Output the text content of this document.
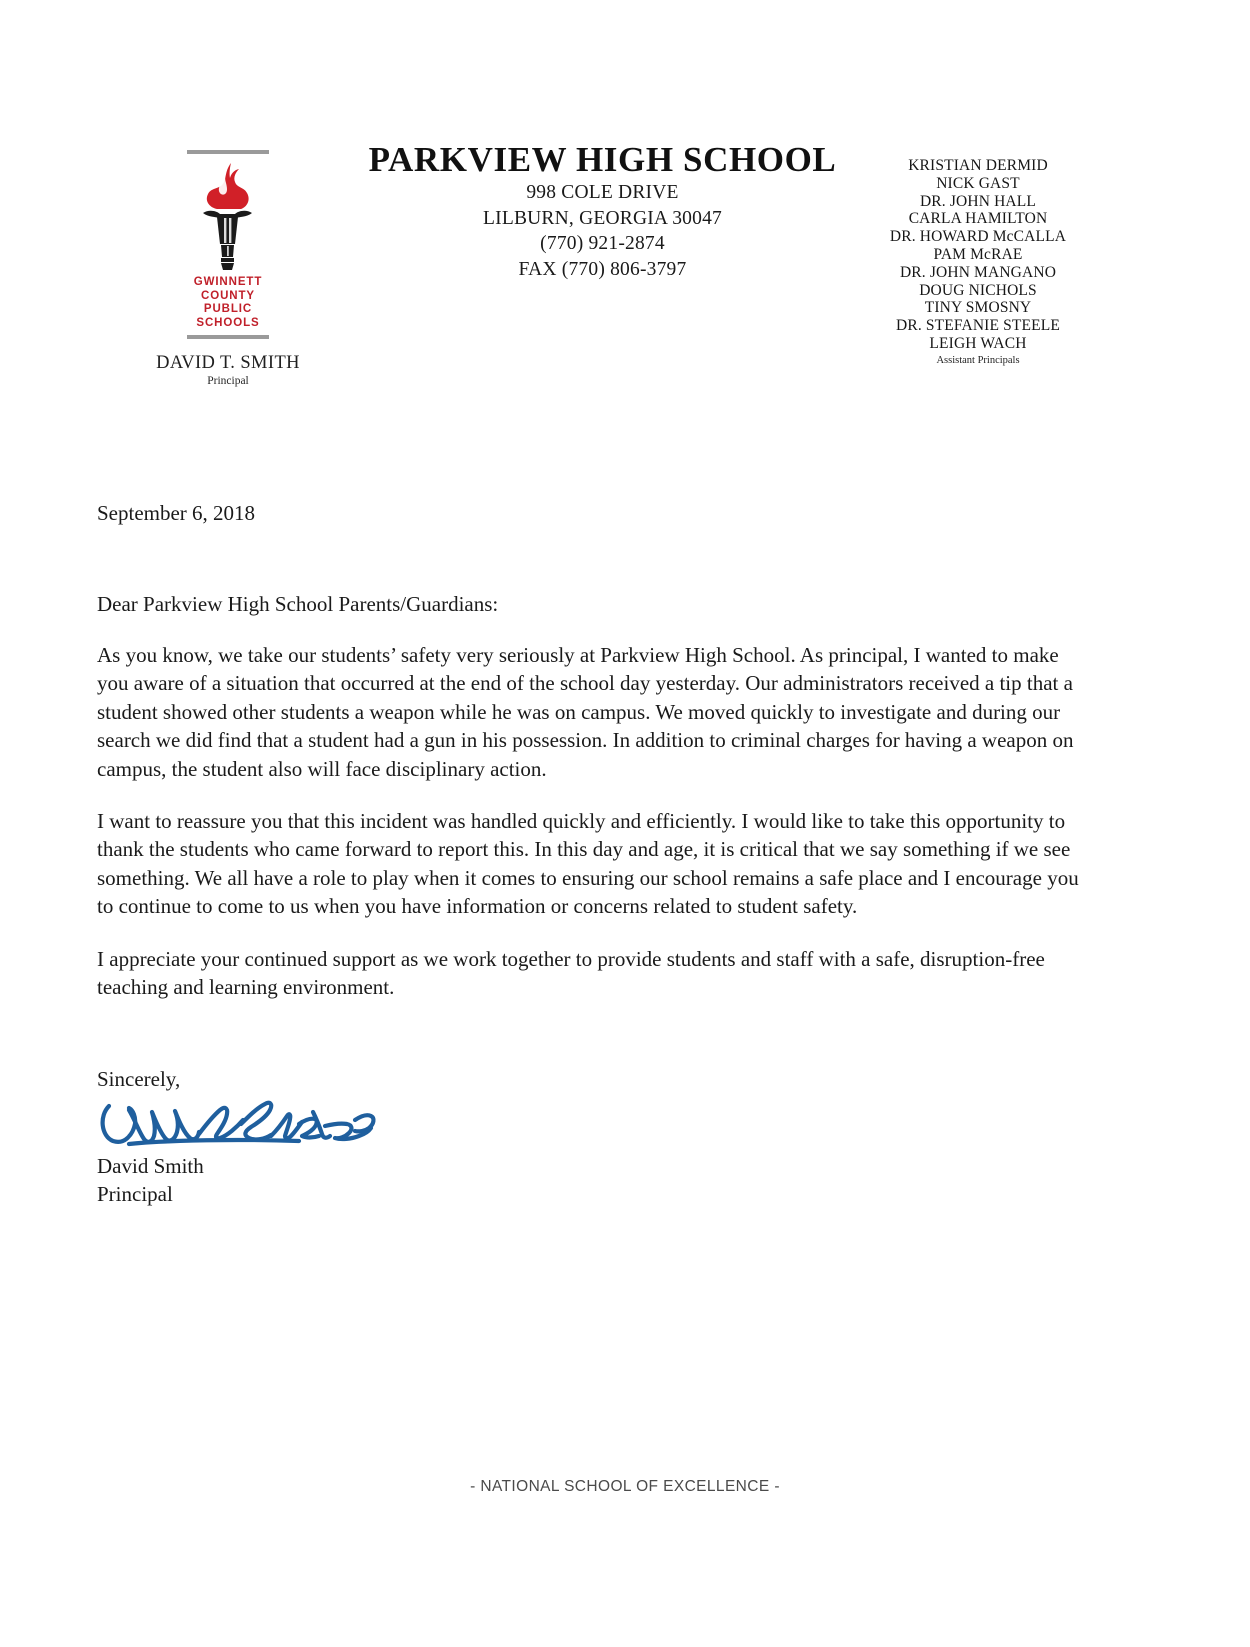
GWINNETT
COUNTY
PUBLIC
SCHOOLS
DAVID T. SMITH
Principal
PARKVIEW HIGH SCHOOL
998 COLE DRIVE
LILBURN, GEORGIA 30047
(770) 921-2874
FAX (770) 806-3797
KRISTIAN DERMID
NICK GAST
DR. JOHN HALL
CARLA HAMILTON
DR. HOWARD McCALLA
PAM McRAE
DR. JOHN MANGANO
DOUG NICHOLS
TINY SMOSNY
DR. STEFANIE STEELE
LEIGH WACH
Assistant Principals
September 6, 2018
Dear Parkview High School Parents/Guardians:

As you know, we take our students’ safety very seriously at Parkview High School. As principal, I wanted to make you aware of a situation that occurred at the end of the school day yesterday. Our administrators received a tip that a student showed other students a weapon while he was on campus. We moved quickly to investigate and during our search we did find that a student had a gun in his possession. In addition to criminal charges for having a weapon on campus, the student also will face disciplinary action.

I want to reassure you that this incident was handled quickly and efficiently. I would like to take this opportunity to thank the students who came forward to report this. In this day and age, it is critical that we say something if we see something. We all have a role to play when it comes to ensuring our school remains a safe place and I encourage you to continue to come to us when you have information or concerns related to student safety.

I appreciate your continued support as we work together to provide students and staff with a safe, disruption-free teaching and learning environment.

Sincerely,
David Smith
Principal
- NATIONAL SCHOOL OF EXCELLENCE -
